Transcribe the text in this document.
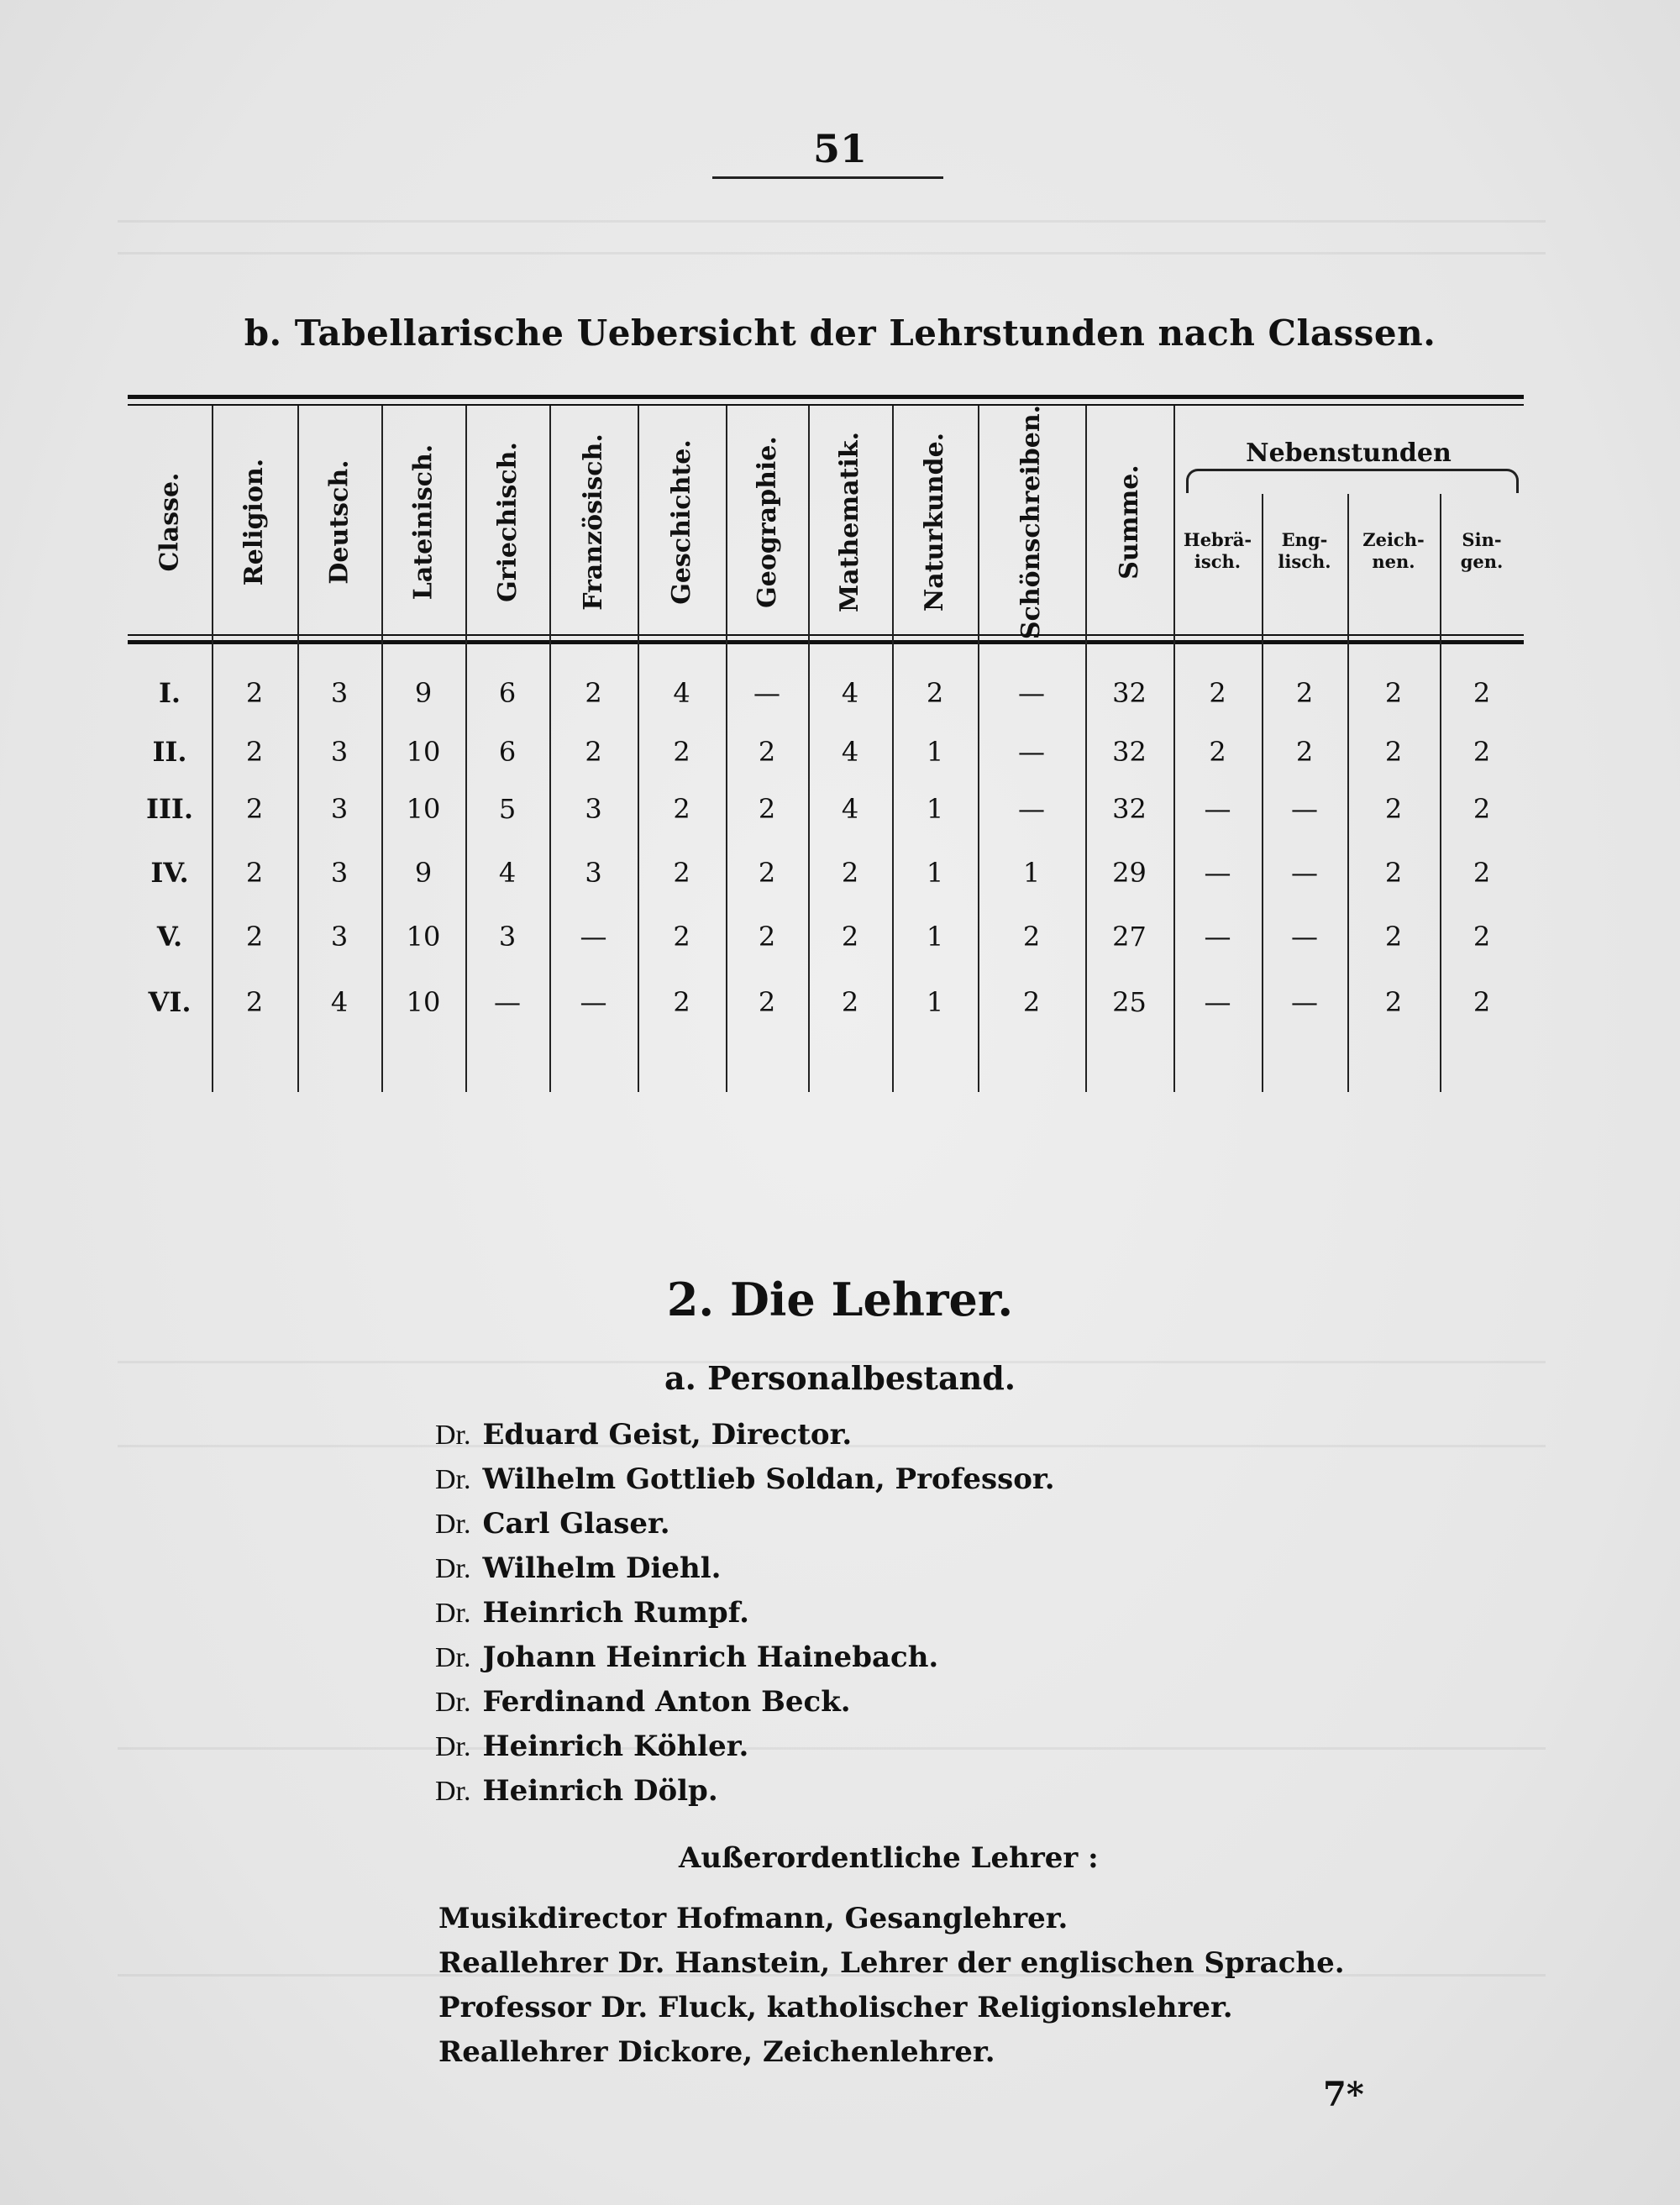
51
b. Tabellarische Uebersicht der Lehrstunden nach Classen.
Classe. Religion. Deutsch. Lateinisch. Griechisch. Französisch. Geschichte. Geographie. Mathematik. Naturkunde.	Schönschreiben.	Summe.
Nebenstunden
Hebrä-
isch.
Eng-
lisch.
Zeich-
nen.
Sin-
gen.
I.	2	3	9	6	2	4	—	4	2	—	32	2	2	2	2
II.	2	3	10	6	2	2	2	4	1	—	32	2	2	2	2
III.	2	3	10	5	3	2	2	4	1	—	32	—	—	2	2
IV.	2	3	9	4	3	2	2	2	1	1	29	—	—	2	2
V.	2	3	10	3	—	2	2	2	1	2	27	—	—	2	2
VI.	2	4	10	—	—	2	2	2	1	2	25	—	—	2	2
2. Die Lehrer.
a. Personalbestand.
Dr. Eduard Geist, Director.
Dr. Wilhelm Gottlieb Soldan, Professor.
Dr. Carl Glaser.
Dr. Wilhelm Diehl.
Dr. Heinrich Rumpf.
Dr. Johann Heinrich Hainebach.
Dr. Ferdinand Anton Beck.
Dr. Heinrich Köhler.
Dr. Heinrich Dölp.
Außerordentliche Lehrer :
Musikdirector Hofmann, Gesanglehrer.
Reallehrer Dr. Hanstein, Lehrer der englischen Sprache.
Professor Dr. Fluck, katholischer Religionslehrer.
Reallehrer Dickore, Zeichenlehrer.
7*
